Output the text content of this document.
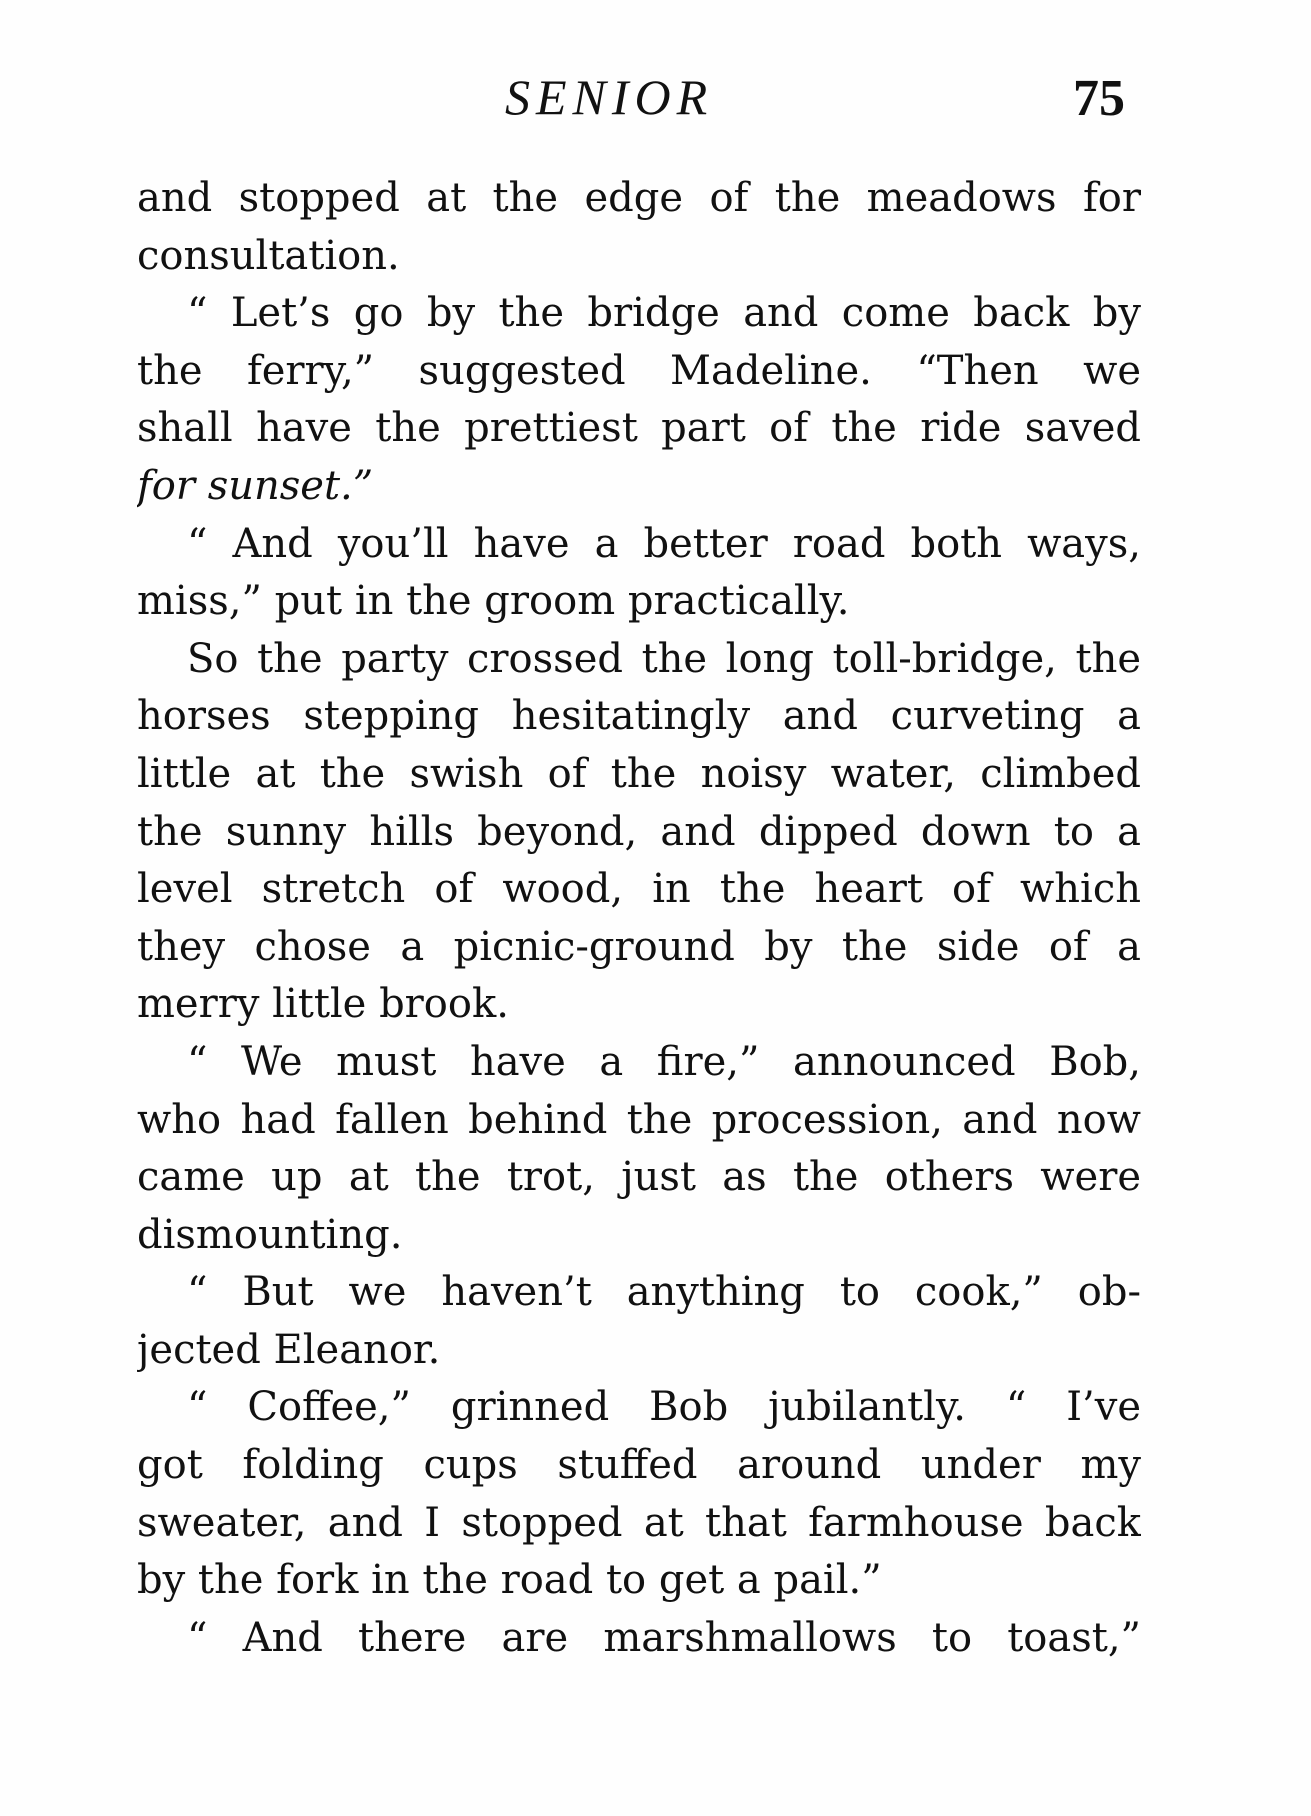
SENIOR	75
and stopped at the edge of the meadows for
consultation.
“ Let’s go by the bridge and come back by
the ferry,” suggested Madeline. “Then we
shall have the prettiest part of the ride saved
for sunset.”
“ And you’ll have a better road both ways,
miss,” put in the groom practically.
So the party crossed the long toll-bridge, the
horses stepping hesitatingly and curveting a
little at the swish of the noisy water, climbed
the sunny hills beyond, and dipped down to a
level stretch of wood, in the heart of which
they chose a picnic-ground by the side of a
merry little brook.
“ We must have a fire,” announced Bob,
who had fallen behind the procession, and now
came up at the trot, just as the others were
dismounting.
“ But we haven’t anything to cook,” ob-
jected Eleanor.
“ Coffee,” grinned Bob jubilantly. “ I’ve
got folding cups stuffed around under my
sweater, and I stopped at that farmhouse back
by the fork in the road to get a pail.”
“ And there are marshmallows to toast,”
